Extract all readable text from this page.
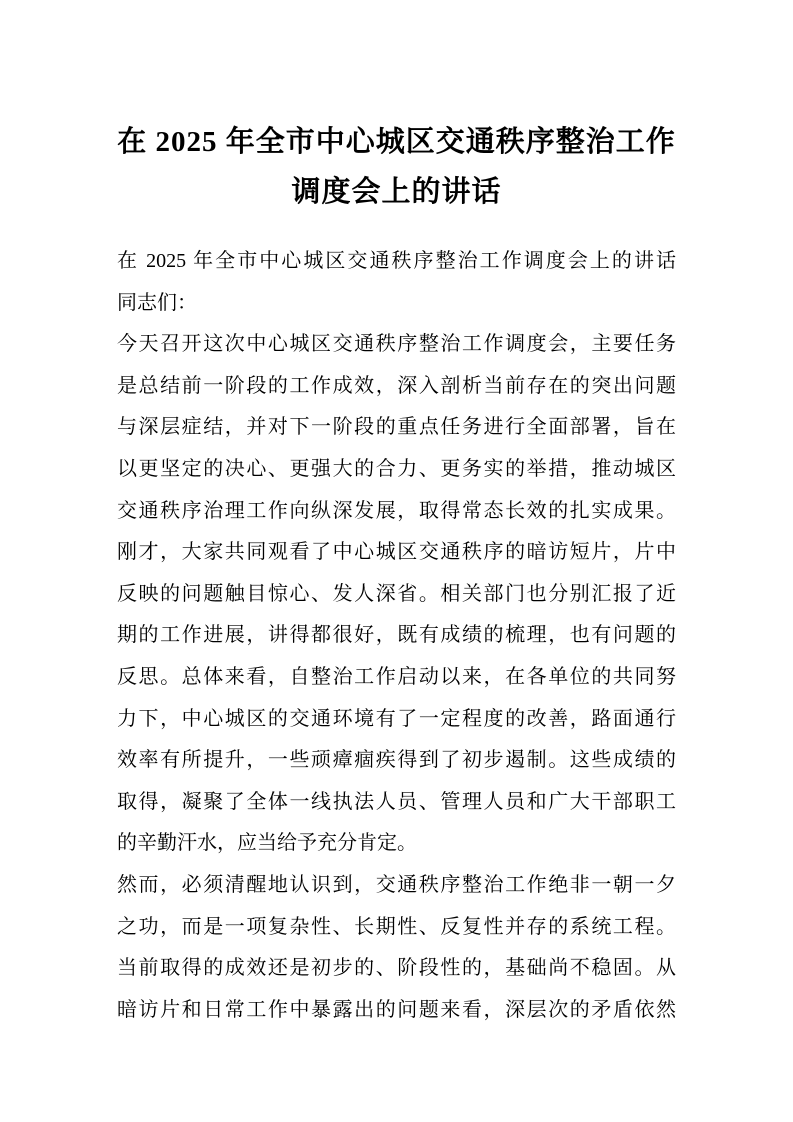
在 2025 年全市中心城区交通秩序整治工作
调度会上的讲话
在 2025 年全市中心城区交通秩序整治工作调度会上的讲话
同志们：
今天召开这次中心城区交通秩序整治工作调度会，主要任务
是总结前一阶段的工作成效，深入剖析当前存在的突出问题
与深层症结，并对下一阶段的重点任务进行全面部署，旨在
以更坚定的决心、更强大的合力、更务实的举措，推动城区
交通秩序治理工作向纵深发展，取得常态长效的扎实成果。
刚才，大家共同观看了中心城区交通秩序的暗访短片，片中
反映的问题触目惊心、发人深省。相关部门也分别汇报了近
期的工作进展，讲得都很好，既有成绩的梳理，也有问题的
反思。总体来看，自整治工作启动以来，在各单位的共同努
力下，中心城区的交通环境有了一定程度的改善，路面通行
效率有所提升，一些顽瘴痼疾得到了初步遏制。这些成绩的
取得，凝聚了全体一线执法人员、管理人员和广大干部职工
的辛勤汗水，应当给予充分肯定。
然而，必须清醒地认识到，交通秩序整治工作绝非一朝一夕
之功，而是一项复杂性、长期性、反复性并存的系统工程。
当前取得的成效还是初步的、阶段性的，基础尚不稳固。从
暗访片和日常工作中暴露出的问题来看，深层次的矛盾依然
